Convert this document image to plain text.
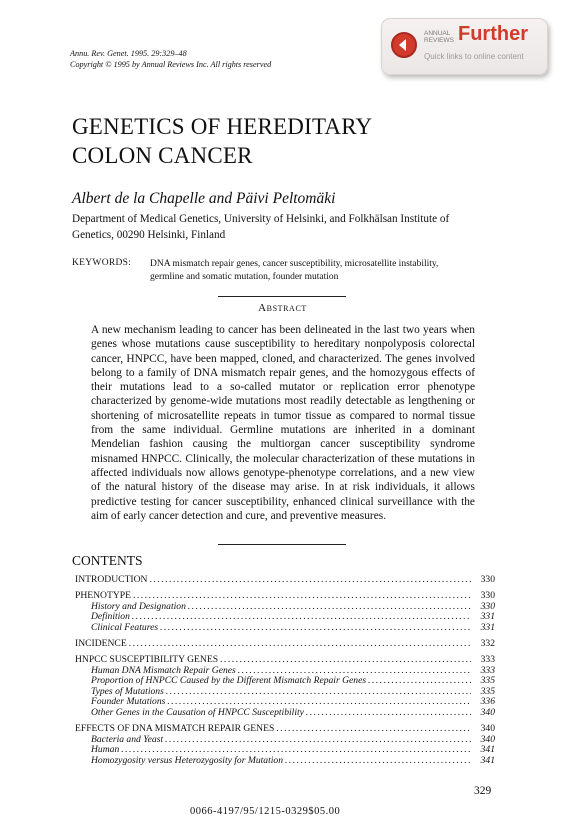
Annu. Rev. Genet. 1995. 29:329–48
Copyright © 1995 by Annual Reviews Inc. All rights reserved
ANNUAL
REVIEWS Further
Quick links to online content
GENETICS OF HEREDITARY
COLON CANCER
Albert de la Chapelle and Päivi Peltomäki
Department of Medical Genetics, University of Helsinki, and Folkhälsan Institute of
Genetics, 00290 Helsinki, Finland
KEYWORDS: DNA mismatch repair genes, cancer susceptibility, microsatellite instability,
germline and somatic mutation, founder mutation
Abstract

A new mechanism leading to cancer has been delineated in the last two years when genes whose mutations cause susceptibility to hereditary nonpolyposis colorectal cancer, HNPCC, have been mapped, cloned, and characterized. The genes involved belong to a family of DNA mismatch repair genes, and the homozygous effects of their mutations lead to a so-called mutator or replication error phenotype characterized by genome-wide mutations most readily detectable as lengthening or shortening of microsatellite repeats in tumor tissue as compared to normal tissue from the same individual. Germline mutations are inherited in a dominant Mendelian fashion causing the multiorgan cancer susceptibility syndrome misnamed HNPCC. Clinically, the molecular characterization of these mutations in affected individuals now allows genotype-phenotype correlations, and a new view of the natural history of the disease may arise. In at risk individuals, it allows predictive testing for cancer susceptibility, enhanced clinical surveillance with the aim of early cancer detection and cure, and preventive measures.

CONTENTS
INTRODUCTION .....	330
PHENOTYPE .....	330
History and Designation .....	330
Definition .....	331
Clinical Features .....	331
INCIDENCE .....	332
HNPCC SUSCEPTIBILITY GENES .....	333
Human DNA Mismatch Repair Genes .....	333
Proportion of HNPCC Caused by the Different Mismatch Repair Genes .....	335
Types of Mutations .....	335
Founder Mutations .....	336
Other Genes in the Causation of HNPCC Susceptibility .....	340
EFFECTS OF DNA MISMATCH REPAIR GENES .....	340
Bacteria and Yeast .....	340
Human .....	341
Homozygosity versus Heterozygosity for Mutation .....	341
329
0066-4197/95/1215-0329$05.00
